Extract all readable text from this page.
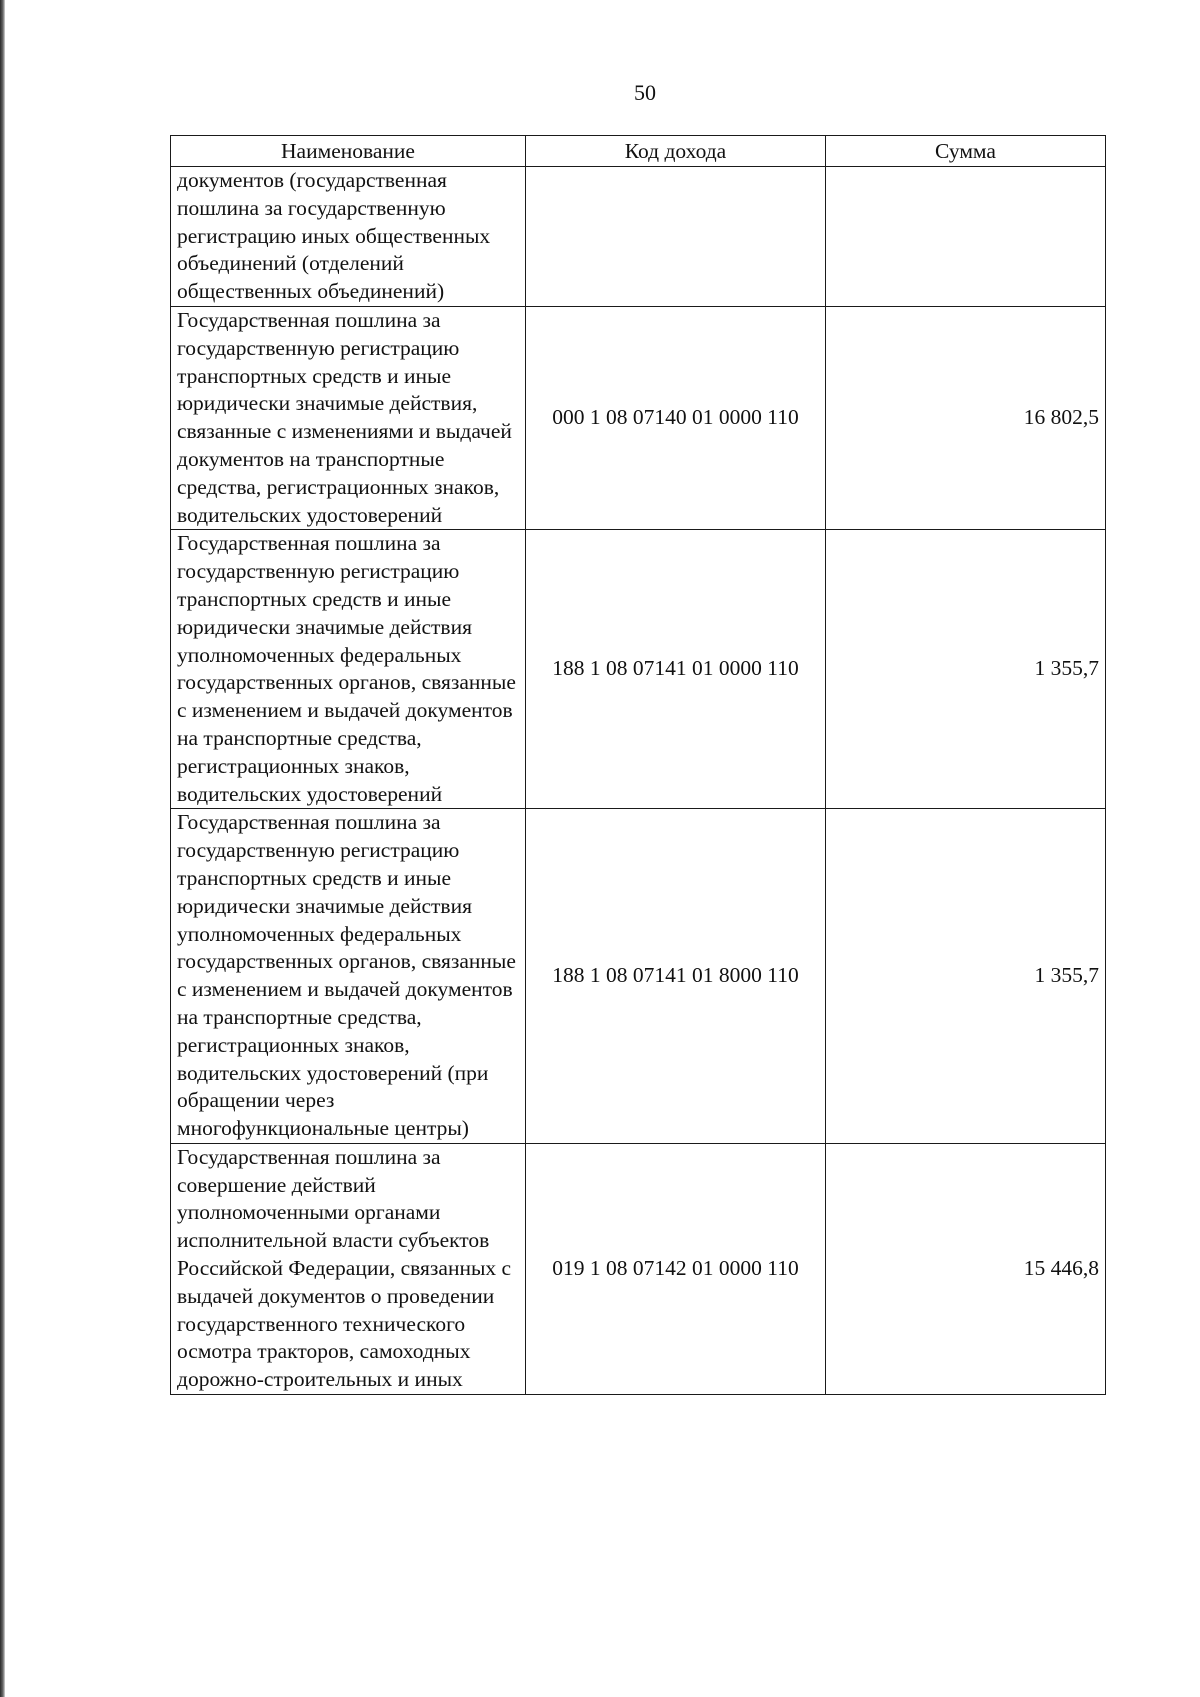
50
Наименование	Код дохода	Сумма
документов (государственная пошлина за государственную регистрацию иных общественных объединений (отделений общественных объединений)		
Государственная пошлина за государственную регистрацию транспортных средств и иные юридически значимые действия, связанные с изменениями и выдачей документов на транспортные средства, регистрационных знаков, водительских удостоверений	000 1 08 07140 01 0000 110	16 802,5
Государственная пошлина за государственную регистрацию транспортных средств и иные юридически значимые действия уполномоченных федеральных государственных органов, связанные с изменением и выдачей документов на транспортные средства, регистрационных знаков, водительских удостоверений	188 1 08 07141 01 0000 110	1 355,7
Государственная пошлина за государственную регистрацию транспортных средств и иные юридически значимые действия уполномоченных федеральных государственных органов, связанные с изменением и выдачей документов на транспортные средства, регистрационных знаков, водительских удостоверений (при обращении через многофункциональные центры)	188 1 08 07141 01 8000 110	1 355,7
Государственная пошлина за совершение действий уполномоченными органами исполнительной власти субъектов Российской Федерации, связанных с выдачей документов о проведении государственного технического осмотра тракторов, самоходных дорожно-строительных и иных	019 1 08 07142 01 0000 110	15 446,8
